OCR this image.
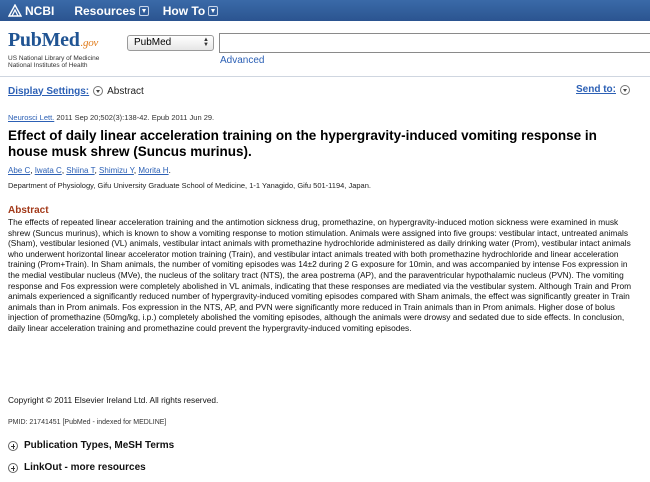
NCBI Resources How To
PubMed.gov
US National Library of Medicine
National Institutes of Health
PubMed	▲
▼
Advanced
Display Settings: Abstract	Send to:
Neurosci Lett. 2011 Sep 20;502(3):138-42. Epub 2011 Jun 29.
Effect of daily linear acceleration training on the hypergravity-induced vomiting response in house musk shrew (Suncus murinus).
Abe C, Iwata C, Shiina T, Shimizu Y, Morita H.
Department of Physiology, Gifu University Graduate School of Medicine, 1-1 Yanagido, Gifu 501-1194, Japan.
Abstract

The effects of repeated linear acceleration training and the antimotion sickness drug, promethazine, on hypergravity-induced motion sickness were examined in musk shrew (Suncus murinus), which is known to show a vomiting response to motion stimulation. Animals were assigned into five groups: vestibular intact, untreated animals (Sham), vestibular lesioned (VL) animals, vestibular intact animals with promethazine hydrochloride administered as daily drinking water (Prom), vestibular intact animals who underwent horizontal linear accelerator motion training (Train), and vestibular intact animals treated with both promethazine hydrochloride and linear acceleration training (Prom+Train). In Sham animals, the number of vomiting episodes was 14±2 during 2 G exposure for 10min, and was accompanied by intense Fos expression in the medial vestibular nucleus (MVe), the nucleus of the solitary tract (NTS), the area postrema (AP), and the paraventricular hypothalamic nucleus (PVN). The vomiting response and Fos expression were completely abolished in VL animals, indicating that these responses are mediated via the vestibular system. Although Train and Prom animals experienced a significantly reduced number of hypergravity-induced vomiting episodes compared with Sham animals, the effect was significantly greater in Train animals than in Prom animals. Fos expression in the NTS, AP, and PVN were significantly more reduced in Train animals than in Prom animals. Higher dose of bolus injection of promethazine (50mg/kg, i.p.) completely abolished the vomiting episodes, although the animals were drowsy and sedated due to side effects. In conclusion, daily linear acceleration training and promethazine could prevent the hypergravity-induced vomiting episodes.

Copyright © 2011 Elsevier Ireland Ltd. All rights reserved.
PMID: 21741451 [PubMed - indexed for MEDLINE]
Publication Types, MeSH Terms
LinkOut - more resources
